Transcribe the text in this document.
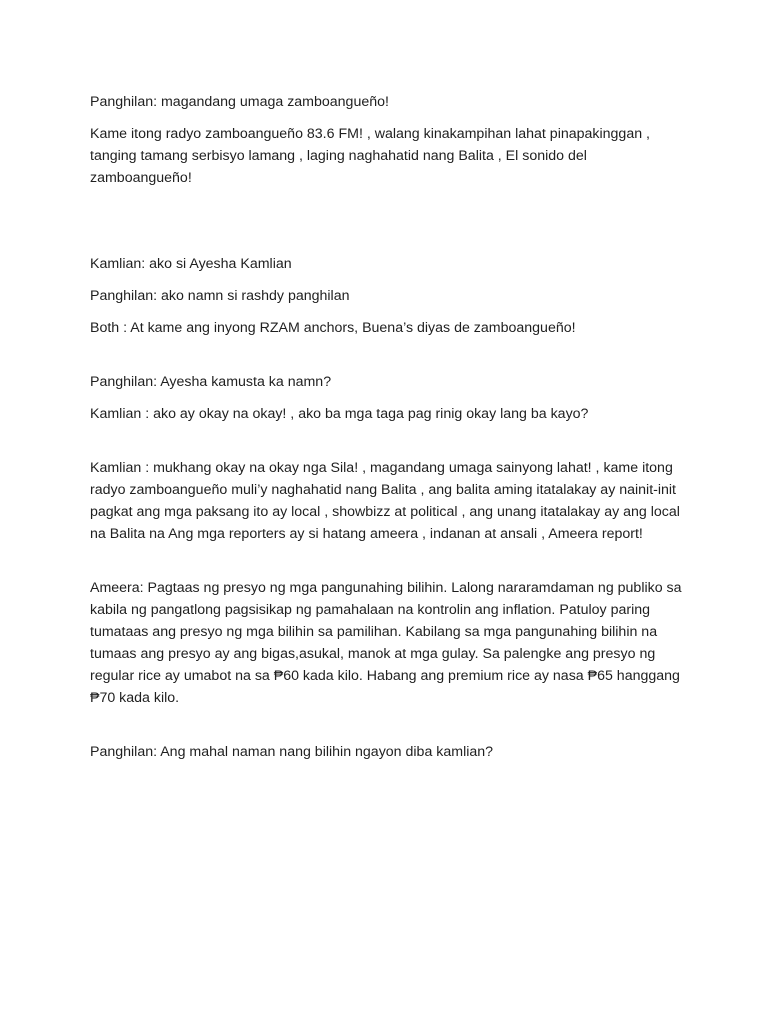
Panghilan: magandang umaga zamboangueño!

Kame itong radyo zamboangueño 83.6 FM! , walang kinakampihan lahat pinapakinggan , tanging tamang serbisyo lamang , laging naghahatid nang Balita , El sonido del zamboangueño!

Kamlian: ako si Ayesha Kamlian

Panghilan: ako namn si rashdy panghilan

Both : At kame ang inyong RZAM anchors, Buena’s diyas de zamboangueño!

Panghilan: Ayesha kamusta ka namn?

Kamlian : ako ay okay na okay! , ako ba mga taga pag rinig okay lang ba kayo?

Kamlian : mukhang okay na okay nga Sila! , magandang umaga sainyong lahat! , kame itong radyo zamboangueño muli’y naghahatid nang Balita , ang balita aming itatalakay ay nainit-init pagkat ang mga paksang ito ay local , showbizz at political , ang unang itatalakay ay ang local na Balita na Ang mga reporters ay si hatang ameera , indanan at ansali , Ameera report!

Ameera: Pagtaas ng presyo ng mga pangunahing bilihin. Lalong nararamdaman ng publiko sa kabila ng pangatlong pagsisikap ng pamahalaan na kontrolin ang inflation. Patuloy paring tumataas ang presyo ng mga bilihin sa pamilihan. Kabilang sa mga pangunahing bilihin na tumaas ang presyo ay ang bigas,asukal, manok at mga gulay. Sa palengke ang presyo ng regular rice ay umabot na sa ₱60 kada kilo. Habang ang premium rice ay nasa ₱65 hanggang ₱70 kada kilo.

Panghilan: Ang mahal naman nang bilihin ngayon diba kamlian?
